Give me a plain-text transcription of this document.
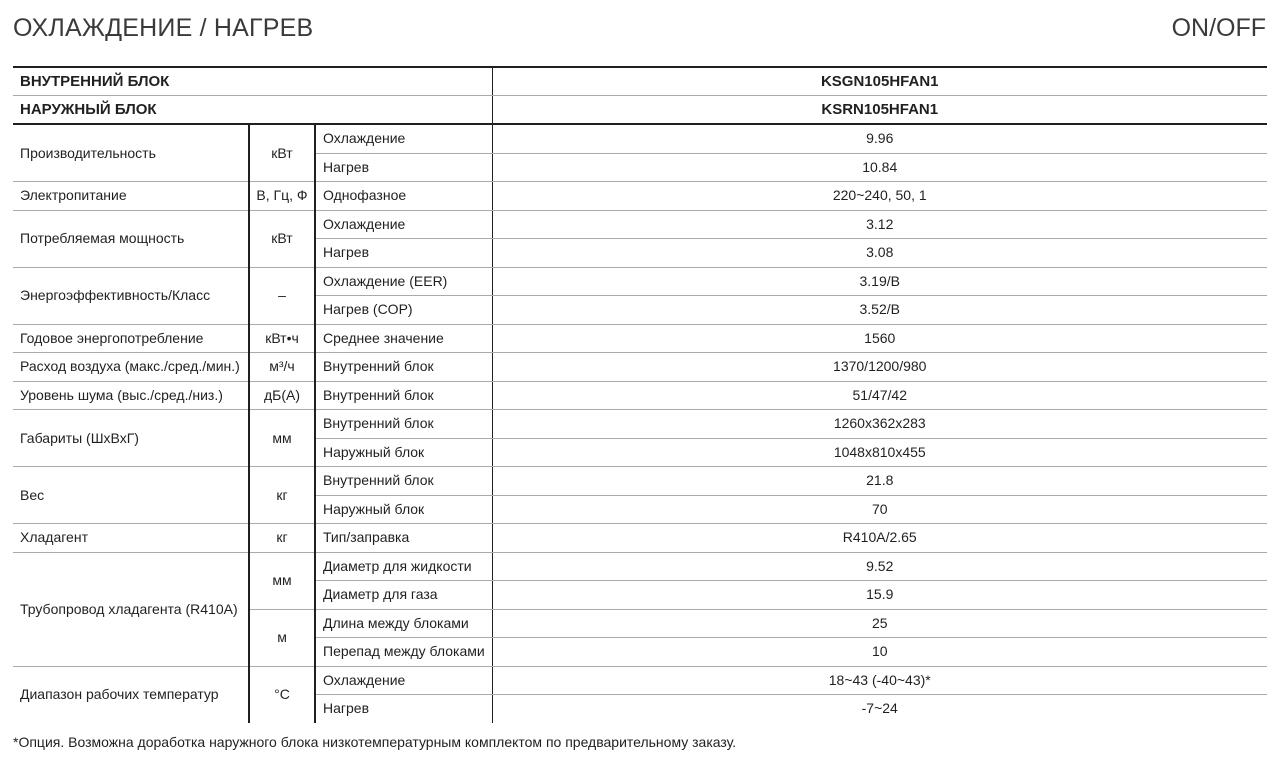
ОХЛАЖДЕНИЕ / НАГРЕВ	ON/OFF
ВНУТРЕННИЙ БЛОК			KSGN105HFAN1
НАРУЖНЫЙ БЛОК			KSRN105HFAN1
Производительность	кВт	Охлаждение	9.96
		Нагрев	10.84
Электропитание	В, Гц, Ф	Однофазное	220~240, 50, 1
Потребляемая мощность	кВт	Охлаждение	3.12
		Нагрев	3.08
Энергоэффективность/Класс	–	Охлаждение (EER)	3.19/B
		Нагрев (COP)	3.52/B
Годовое энергопотребление	кВт•ч	Среднее значение	1560
Расход воздуха (макс./сред./мин.)	м³/ч	Внутренний блок	1370/1200/980
Уровень шума (выс./сред./низ.)	дБ(А)	Внутренний блок	51/47/42
Габариты (ШхВхГ)	мм	Внутренний блок	1260x362x283
		Наружный блок	1048x810x455
Вес	кг	Внутренний блок	21.8
		Наружный блок	70
Хладагент	кг	Тип/заправка	R410A/2.65
Трубопровод хладагента (R410A)	мм	Диаметр для жидкости	9.52
		Диаметр для газа	15.9
	м	Длина между блоками	25
		Перепад между блоками	10
Диапазон рабочих температур	°C	Охлаждение	18~43 (-40~43)*
		Нагрев	-7~24
*Опция. Возможна доработка наружного блока низкотемпературным комплектом по предварительному заказу.
